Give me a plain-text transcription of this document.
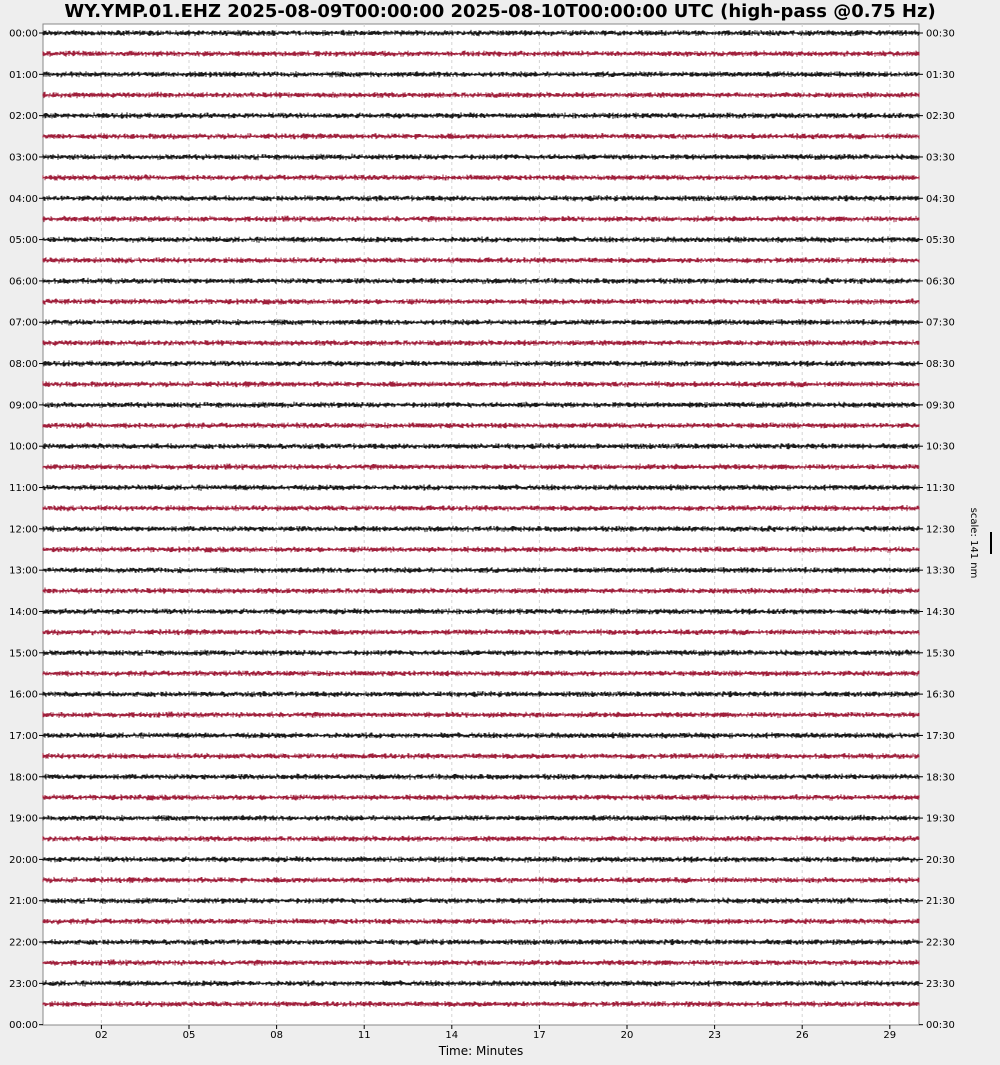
WY.YMP.01.EHZ 2025-08-09T00:00:00 2025-08-10T00:00:00 UTC (high-pass @0.75 Hz)
00:00
01:00
02:00
03:00
04:00
05:00
06:00
07:00
08:00
09:00
10:00
11:00
12:00
13:00
14:00
15:00
16:00
17:00
18:00
19:00
20:00
21:00
22:00
23:00
00:00
00:30
01:30
02:30
03:30
04:30
05:30
06:30
07:30
08:30
09:30
10:30
11:30
12:30
13:30
14:30
15:30
16:30
17:30
18:30
19:30
20:30
21:30
22:30
23:30
00:30
02	05	08	11	14	17	20	23	26	29
Time: Minutes
scale: 141 nm
